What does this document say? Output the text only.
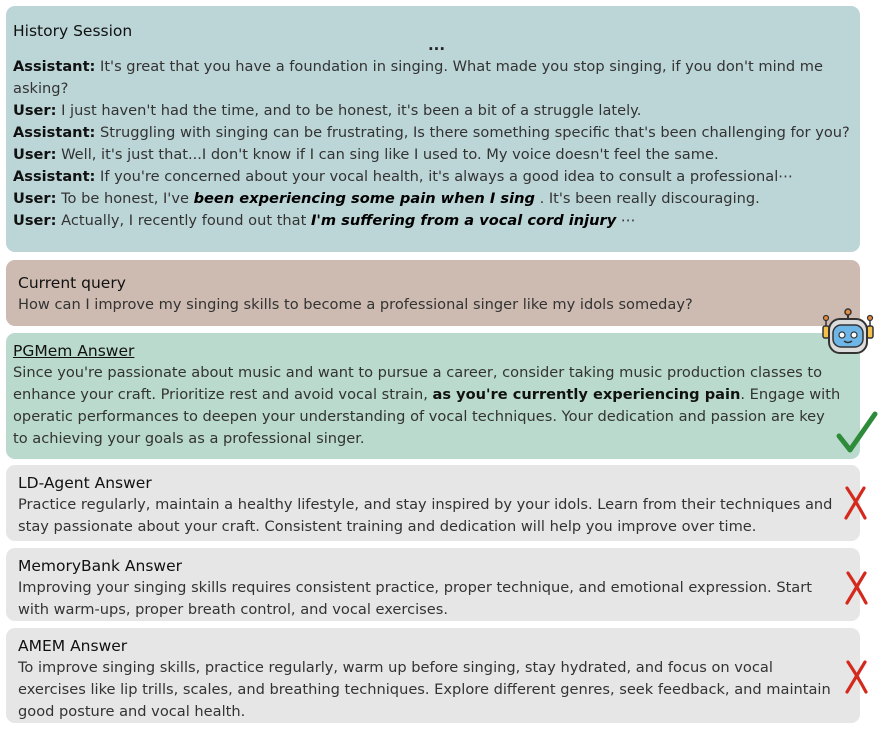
History Session
...
Assistant: It's great that you have a foundation in singing. What made you stop singing, if you don't mind me asking?
User: I just haven't had the time, and to be honest, it's been a bit of a struggle lately.
Assistant: Struggling with singing can be frustrating, Is there something specific that's been challenging for you?
User: Well, it's just that...I don't know if I can sing like I used to. My voice doesn't feel the same.
Assistant: If you're concerned about your vocal health, it's always a good idea to consult a professional⋯
User: To be honest, I've been experiencing some pain when I sing . It's been really discouraging.
User: Actually, I recently found out that I'm suffering from a vocal cord injury ⋯
Current query
How can I improve my singing skills to become a professional singer like my idols someday?
PGMem Answer
Since you're passionate about music and want to pursue a career, consider taking music production classes to enhance your craft. Prioritize rest and avoid vocal strain, as you're currently experiencing pain. Engage with operatic performances to deepen your understanding of vocal techniques. Your dedication and passion are key to achieving your goals as a professional singer.
LD-Agent Answer
Practice regularly, maintain a healthy lifestyle, and stay inspired by your idols. Learn from their techniques and stay passionate about your craft. Consistent training and dedication will help you improve over time.
MemoryBank Answer
Improving your singing skills requires consistent practice, proper technique, and emotional expression. Start with warm-ups, proper breath control, and vocal exercises.
AMEM Answer
To improve singing skills, practice regularly, warm up before singing, stay hydrated, and focus on vocal exercises like lip trills, scales, and breathing techniques. Explore different genres, seek feedback, and maintain good posture and vocal health.
